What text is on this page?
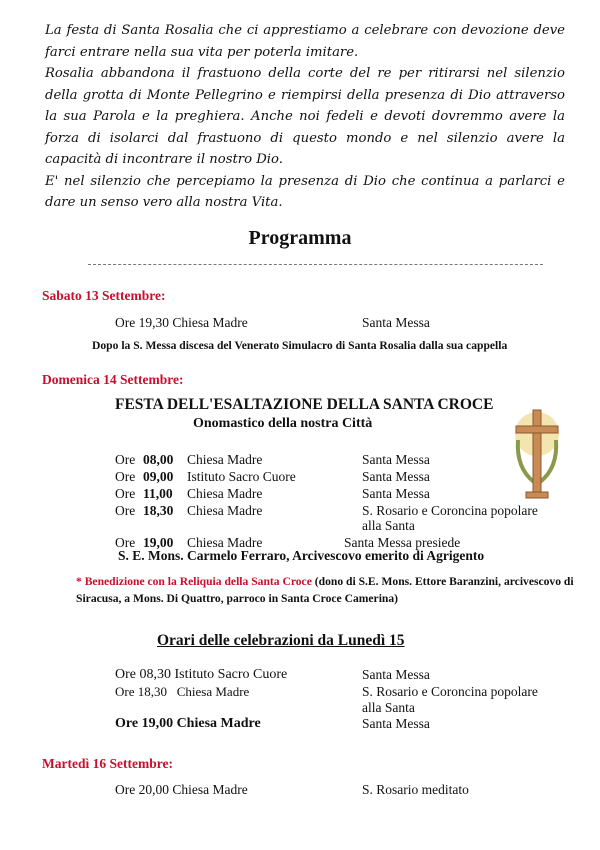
La festa di Santa Rosalia che ci apprestiamo a celebrare con devozione deve farci entrare nella sua vita per poterla imitare.

Rosalia abbandona il frastuono della corte del re per ritirarsi nel silenzio della grotta di Monte Pellegrino e riempirsi della presenza di Dio attraverso la sua Parola e la preghiera. Anche noi fedeli e devoti dovremmo avere la forza di isolarci dal frastuono di questo mondo e nel silenzio avere la capacità di incontrare il nostro Dio.

E' nel silenzio che percepiamo la presenza di Dio che continua a parlarci e dare un senso vero alla nostra Vita.

Programma
Sabato 13 Settembre:
Ore 19,30 Chiesa Madre	Santa Messa
Dopo la S. Messa discesa del Venerato Simulacro di Santa Rosalia dalla sua cappella
Domenica 14 Settembre:
FESTA DELL'ESALTAZIONE DELLA SANTA CROCE
Onomastico della nostra Città
Ore 08,00 Chiesa Madre	Santa Messa
Ore 09,00 Istituto Sacro Cuore	Santa Messa
Ore 11,00 Chiesa Madre	Santa Messa
Ore 18,30 Chiesa Madre	S. Rosario e Coroncina popolare
alla Santa
Ore 19,00 Chiesa Madre	Santa Messa presiede
S. E. Mons. Carmelo Ferraro, Arcivescovo emerito di Agrigento
* Benedizione con la Reliquia della Santa Croce (dono di S.E. Mons. Ettore Baranzini, arcivescovo di Siracusa, a Mons. Di Quattro, parroco in Santa Croce Camerina)
Orari delle celebrazioni da Lunedì 15
Ore 08,30 Istituto Sacro Cuore	Santa Messa
Ore 18,30   Chiesa Madre	S. Rosario e Coroncina popolare
alla Santa
Ore 19,00 Chiesa Madre	Santa Messa
Martedì 16 Settembre:
Ore 20,00 Chiesa Madre	S. Rosario meditato
